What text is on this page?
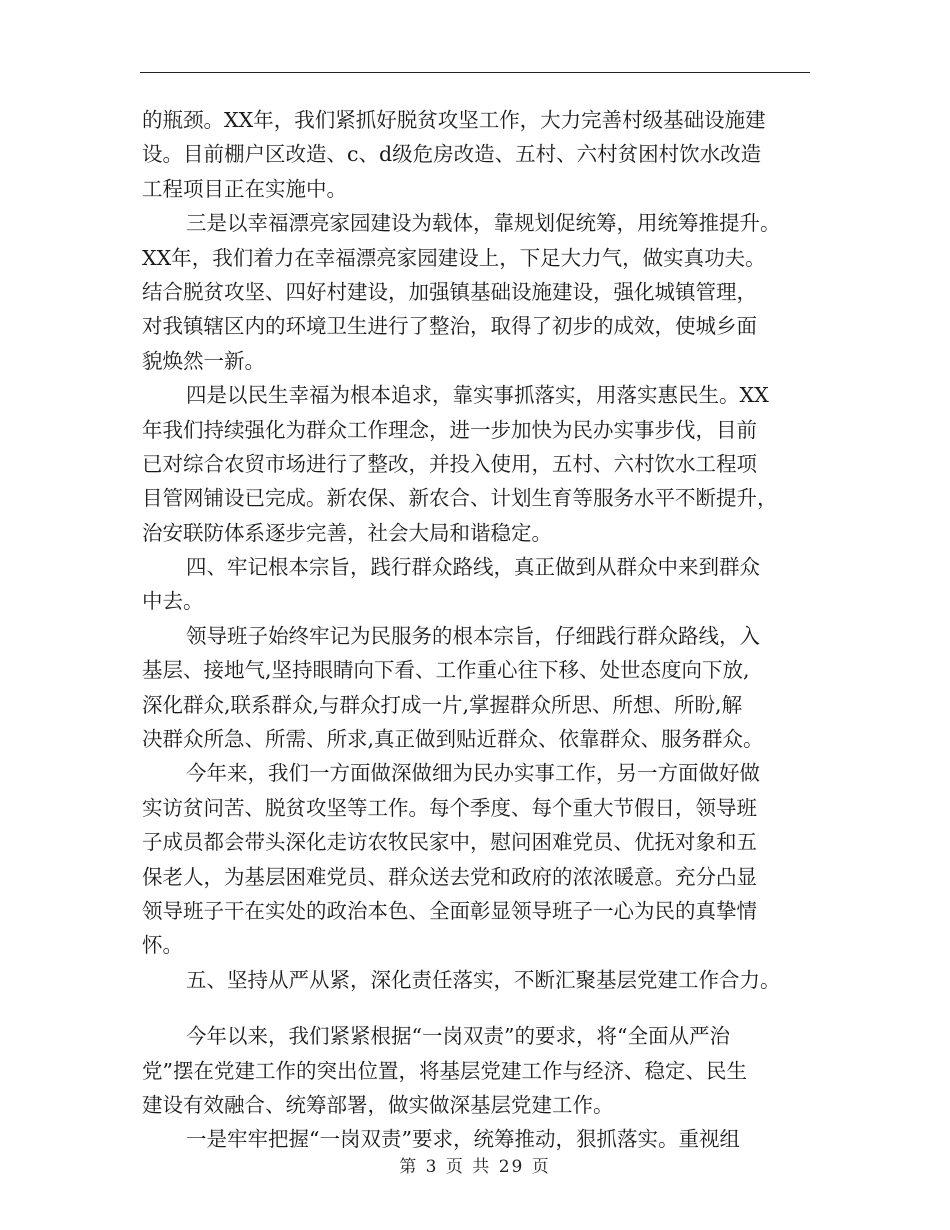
的瓶颈。XX年，我们紧抓好脱贫攻坚工作，大力完善村级基础设施建
设。目前棚户区改造、c、d级危房改造、五村、六村贫困村饮水改造
工程项目正在实施中。
三是以幸福漂亮家园建设为载体，靠规划促统筹，用统筹推提升。
XX年，我们着力在幸福漂亮家园建设上，下足大力气，做实真功夫。
结合脱贫攻坚、四好村建设，加强镇基础设施建设，强化城镇管理，
对我镇辖区内的环境卫生进行了整治，取得了初步的成效，使城乡面
貌焕然一新。
四是以民生幸福为根本追求，靠实事抓落实，用落实惠民生。XX
年我们持续强化为群众工作理念，进一步加快为民办实事步伐，目前
已对综合农贸市场进行了整改，并投入使用，五村、六村饮水工程项
目管网铺设已完成。新农保、新农合、计划生育等服务水平不断提升，
治安联防体系逐步完善，社会大局和谐稳定。
四、牢记根本宗旨，践行群众路线，真正做到从群众中来到群众
中去。
领导班子始终牢记为民服务的根本宗旨，仔细践行群众路线，入
基层、接地气,坚持眼睛向下看、工作重心往下移、处世态度向下放,
深化群众,联系群众,与群众打成一片,掌握群众所思、所想、所盼,解
决群众所急、所需、所求,真正做到贴近群众、依靠群众、服务群众。
今年来，我们一方面做深做细为民办实事工作，另一方面做好做
实访贫问苦、脱贫攻坚等工作。每个季度、每个重大节假日，领导班
子成员都会带头深化走访农牧民家中，慰问困难党员、优抚对象和五
保老人，为基层困难党员、群众送去党和政府的浓浓暖意。充分凸显
领导班子干在实处的政治本色、全面彰显领导班子一心为民的真挚情
怀。
五、坚持从严从紧，深化责任落实，不断汇聚基层党建工作合力。
今年以来，我们紧紧根据“一岗双责”的要求，将“全面从严治
党”摆在党建工作的突出位置，将基层党建工作与经济、稳定、民生
建设有效融合、统筹部署，做实做深基层党建工作。
一是牢牢把握“一岗双责”要求，统筹推动，狠抓落实。重视组
第 3 页 共 29 页
